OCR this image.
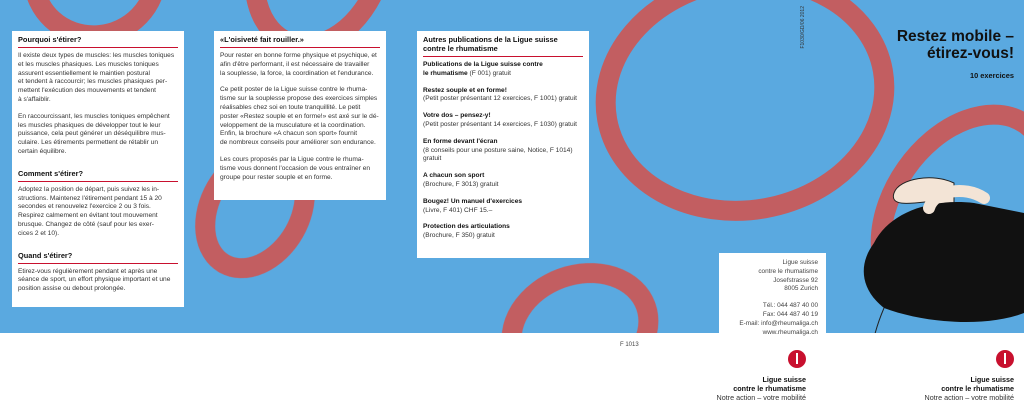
F1030/GD/06 2012
Pourquoi s'étirer?

Il existe deux types de muscles: les muscles toniques
et les muscles phasiques. Les muscles toniques
assurent essentiellement le maintien postural
et tendent à raccourcir; les muscles phasiques per-
mettent l'exécution des mouvements et tendent
à s'affaiblir.

En raccourcissant, les muscles toniques empêchent
les muscles phasiques de développer tout le leur
puissance, cela peut générer un déséquilibre mus-
culaire. Les étirements permettent de rétablir un
certain équilibre.

Comment s'étirer?

Adoptez la position de départ, puis suivez les in-
structions. Maintenez l'étirement pendant 15 à 20
secondes et renouvelez l'exercice 2 ou 3 fois.
Respirez calmement en évitant tout mouvement
brusque. Changez de côté (sauf pour les exer-
cices 2 et 10).

Quand s'étirer?

Etirez-vous régulièrement pendant et après une
séance de sport, un effort physique important et une
position assise ou debout prolongée.

«L'oisiveté fait rouiller.»

Pour rester en bonne forme physique et psychique, et
afin d'être performant, il est nécessaire de travailler
la souplesse, la force, la coordination et l'endurance.

Ce petit poster de la Ligue suisse contre le rhuma-
tisme sur la souplesse propose des exercices simples
réalisables chez soi en toute tranquillité. Le petit
poster «Restez souple et en forme!» est axé sur le dé-
veloppement de la musculature et la coordination.
Enfin, la brochure «A chacun son sport» fournit
de nombreux conseils pour améliorer son endurance.

Les cours proposés par la Ligue contre le rhuma-
tisme vous donnent l'occasion de vous entraîner en
groupe pour rester souple et en forme.

Autres publications de la Ligue suisse
contre le rhumatisme

Publications de la Ligue suisse contre
le rhumatisme (F 001) gratuit

Restez souple et en forme!
(Petit poster présentant 12 exercices, F 1001) gratuit

Votre dos – pensez-y!
(Petit poster présentant 14 exercices, F 1030) gratuit

En forme devant l'écran
(8 conseils pour une posture saine, Notice, F 1014)
gratuit

A chacun son sport
(Brochure, F 3013) gratuit

Bougez! Un manuel d'exercices
(Livre, F 401) CHF 15.–

Protection des articulations
(Brochure, F 350) gratuit

Restez mobile –
étirez-vous!
10 exercices
Ligue suisse
contre le rhumatisme
Josefstrasse 92
8005 Zurich
Tél.: 044 487 40 00
Fax: 044 487 40 19
E-mail: info@rheumaliga.ch
www.rheumaliga.ch
F 1013
Ligue suisse
contre le rhumatisme
Notre action – votre mobilité
Ligue suisse
contre le rhumatisme
Notre action – votre mobilité
